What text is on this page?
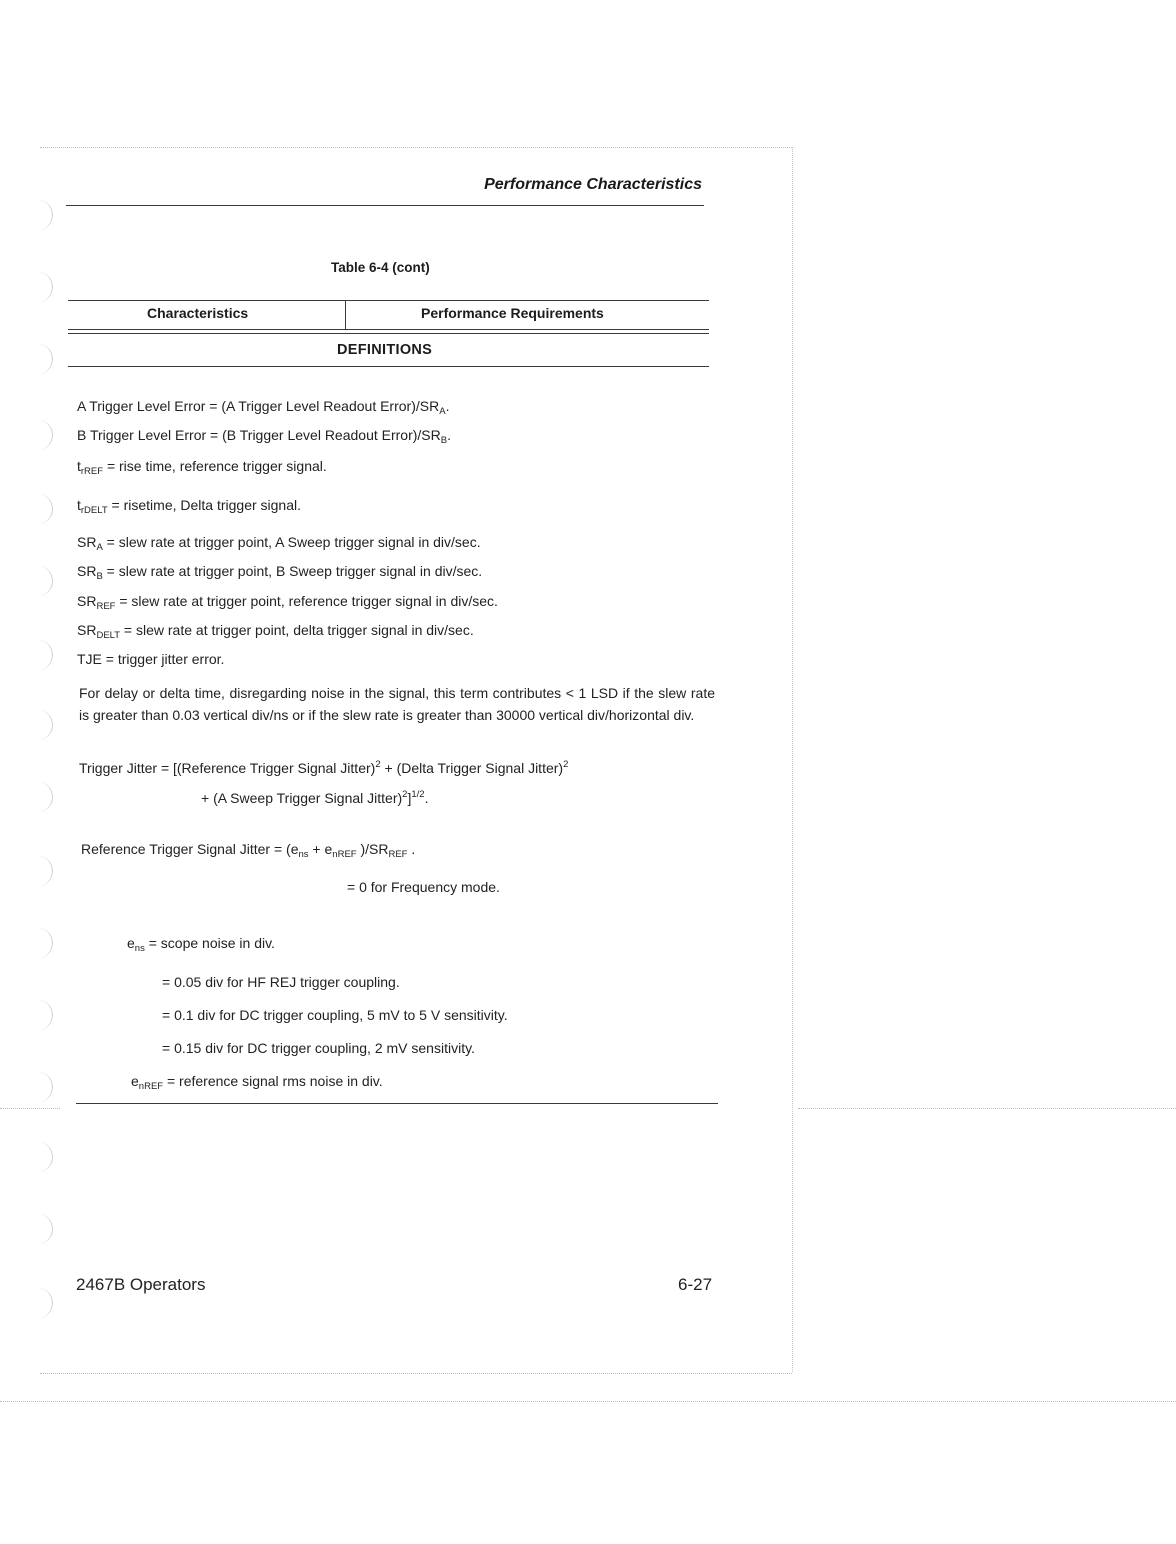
Performance Characteristics
Table 6-4 (cont)
Characteristics	Performance Requirements
DEFINITIONS
A Trigger Level Error = (A Trigger Level Readout $Error)/SR_A$.
B Trigger Level Error = (B Trigger Level Readout $Error)/SR_B$.
$t_{rREF}$ = rise time, reference trigger signal.
$t_{rDELT}$ = risetime, Delta trigger signal.
$SR_A$ = slew rate at trigger point, A Sweep trigger signal in div/sec.
$SR_B$ = slew rate at trigger point, B Sweep trigger signal in div/sec.
$SR_{REF}$ = slew rate at trigger point, reference trigger signal in div/sec.
$SR_{DELT}$ = slew rate at trigger point, delta trigger signal in div/sec.
TJE = trigger jitter error.
For delay or delta time, disregarding noise in the signal, this term contributes < 1 LSD if the slew rate is greater than 0.03 vertical div/ns or if the slew rate is greater than 30000 vertical div/horizontal div.
Trigger Jitter = [(Reference Trigger Signal Jitter)$^2$ + (Delta Trigger Signal Jitter)$^2$
+ (A Sweep Trigger Signal Jitter)$^2$]$^{1/2}$.
Reference Trigger Signal Jitter = ($e_{ns} + e_{nREF}$ )$/SR_{REF}$ .
= 0 for Frequency mode.
$e_{ns}$ = scope noise in div.
= 0.05 div for HF REJ trigger coupling.
= 0.1 div for DC trigger coupling, 5 mV to 5 V sensitivity.
= 0.15 div for DC trigger coupling, 2 mV sensitivity.
$e_{nREF}$ = reference signal rms noise in div.
2467B Operators	6-27
